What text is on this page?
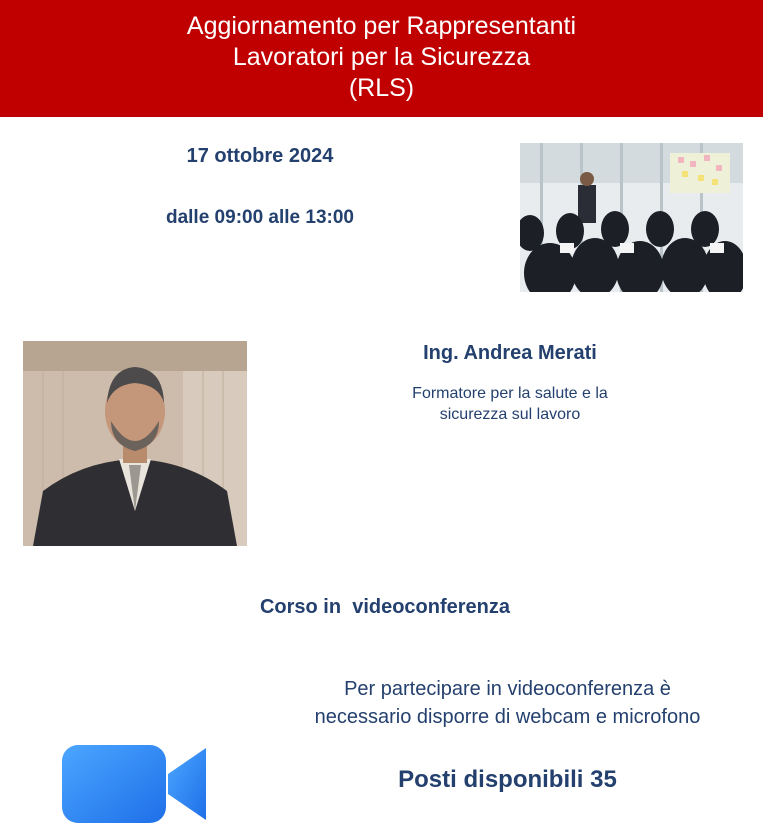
Aggiornamento per Rappresentanti
Lavoratori per la Sicurezza
(RLS)
17 ottobre 2024
dalle 09:00 alle 13:00
Ing. Andrea Merati
Formatore per la salute e la
sicurezza sul lavoro
Corso in  videoconferenza
Per partecipare in videoconferenza è
necessario disporre di webcam e microfono
Posti disponibili 35
